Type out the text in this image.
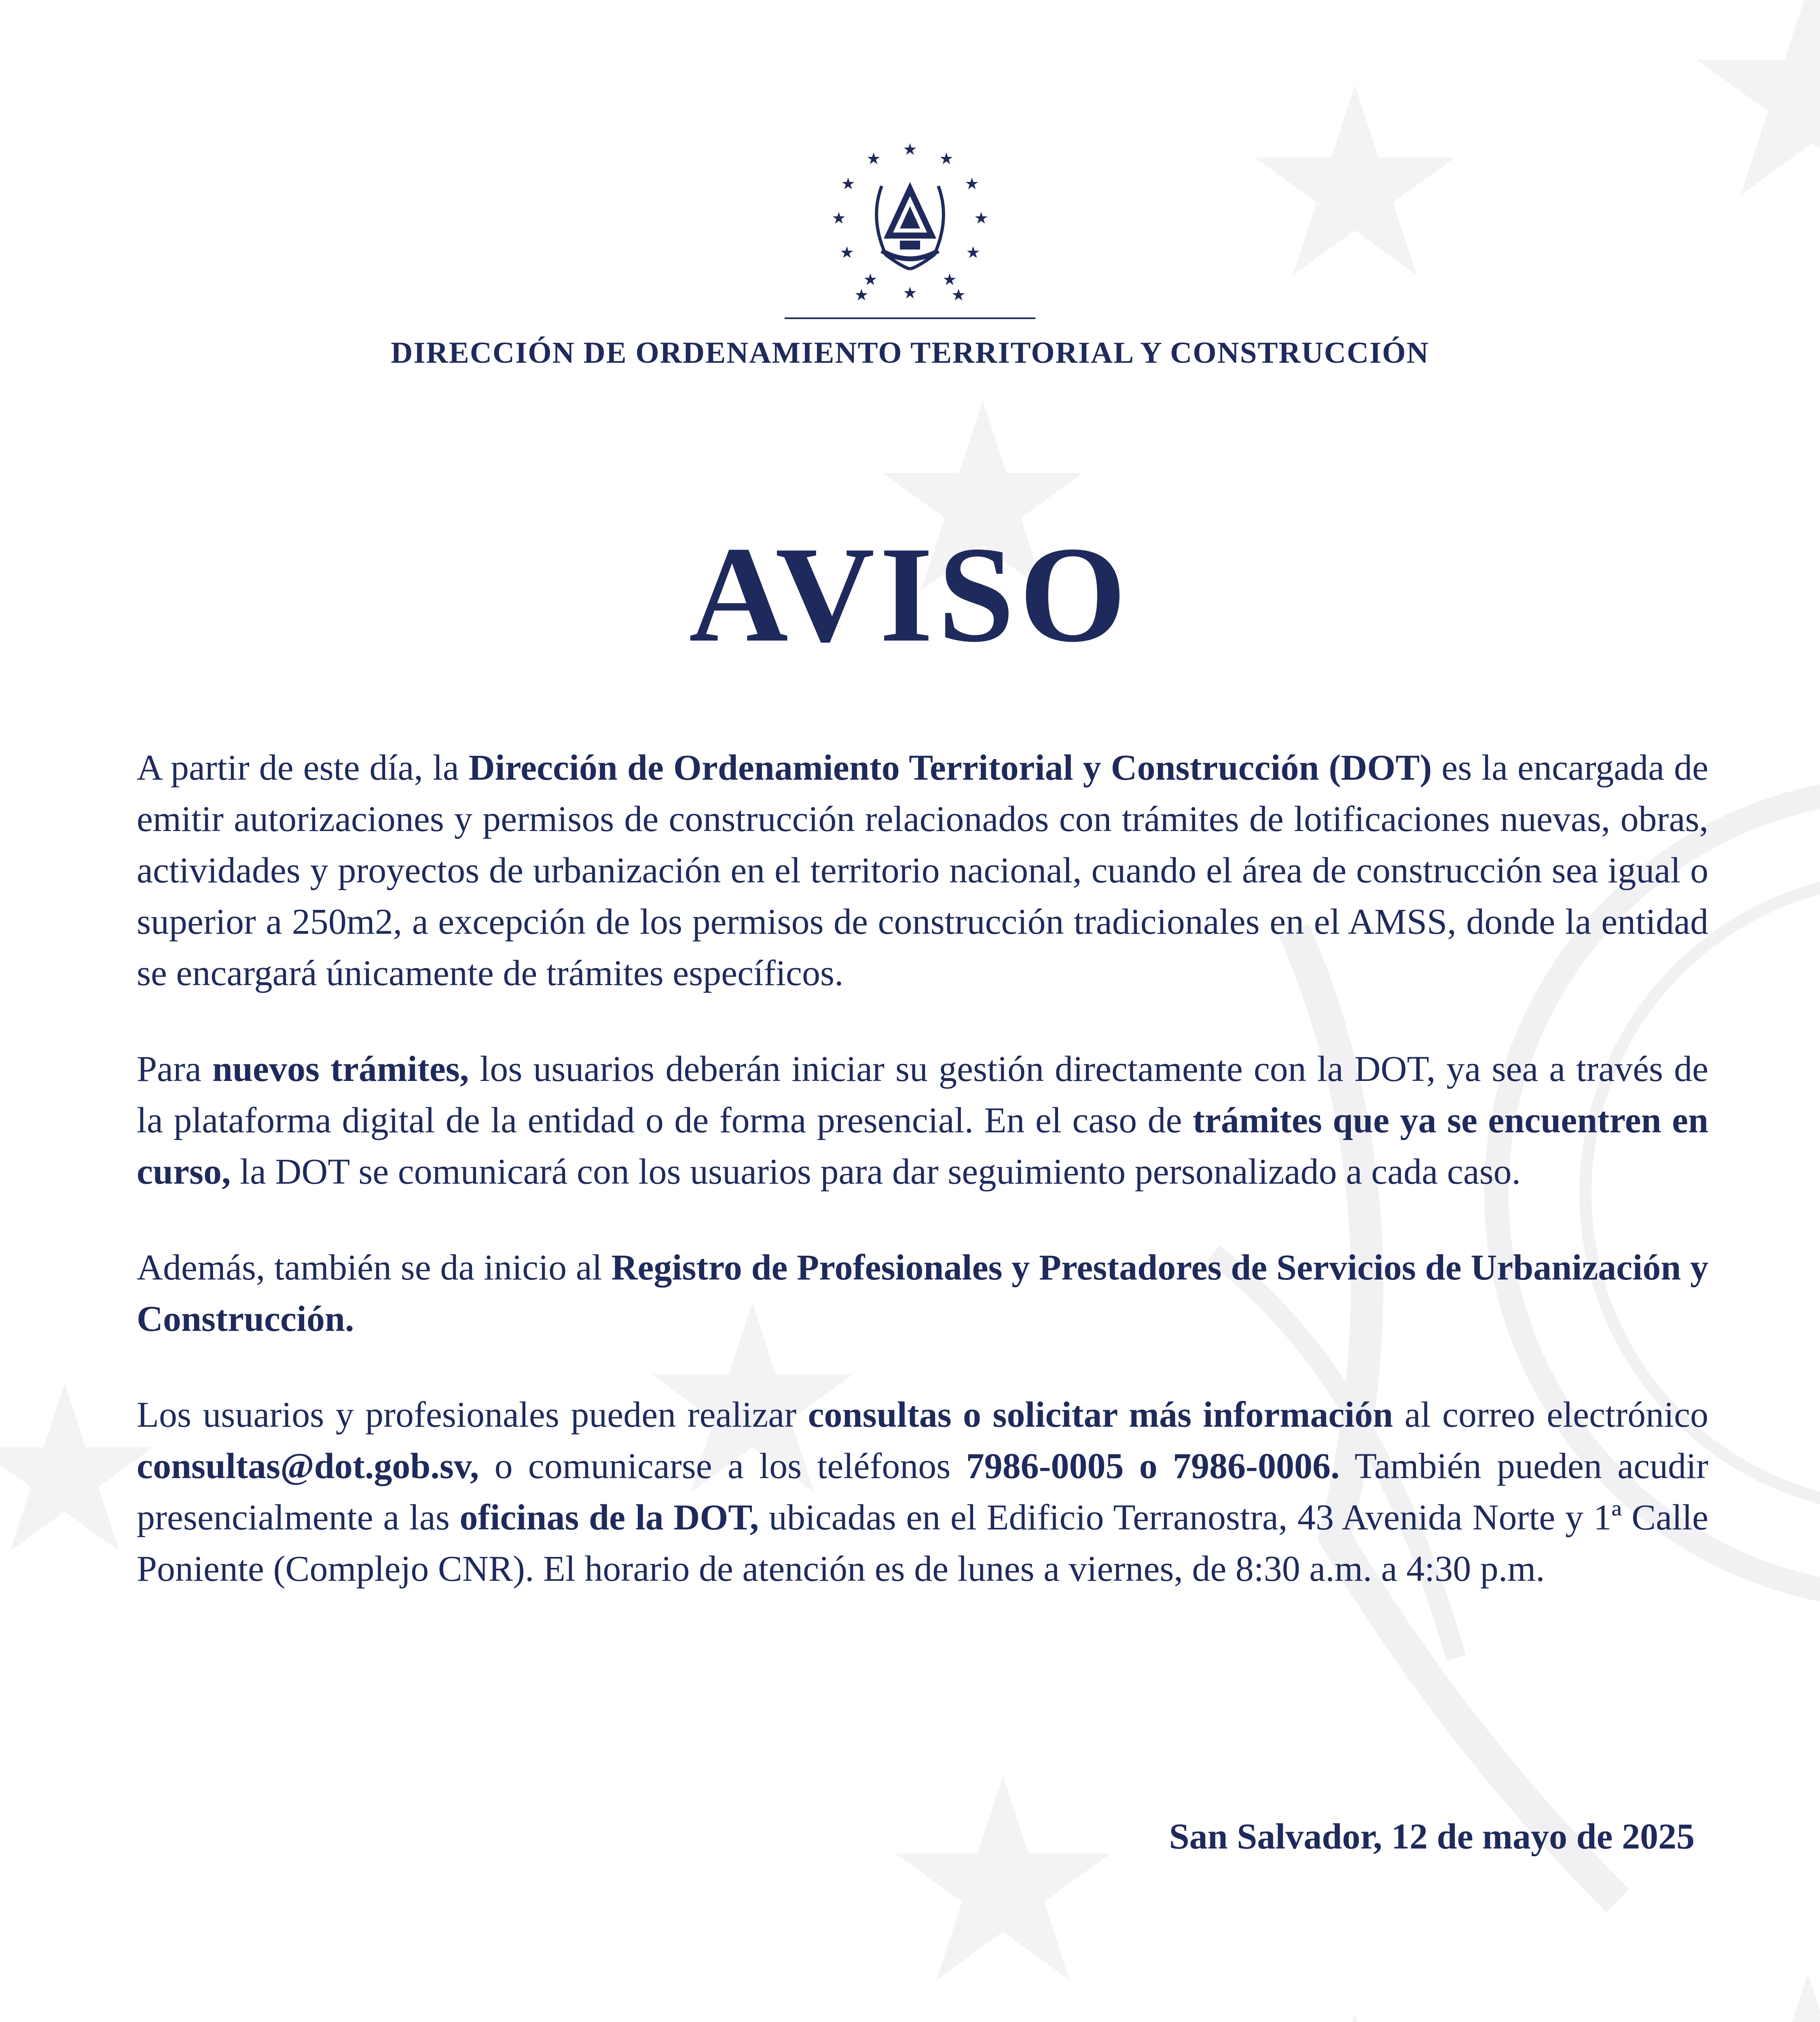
DIRECCIÓN DE ORDENAMIENTO TERRITORIAL Y CONSTRUCCIÓN
AVISO

A partir de este día, la Dirección de Ordenamiento Territorial y Construcción (DOT) es la encargada de emitir autorizaciones y permisos de construcción relacionados con trámites de lotificaciones nuevas, obras, actividades y proyectos de urbanización en el territorio nacional, cuando el área de construcción sea igual o superior a 250m2, a excepción de los permisos de construcción tradicionales en el AMSS, donde la entidad se encargará únicamente de trámites específicos.

Para nuevos trámites, los usuarios deberán iniciar su gestión directamente con la DOT, ya sea a través de la plataforma digital de la entidad o de forma presencial. En el caso de trámites que ya se encuentren en curso, la DOT se comunicará con los usuarios para dar seguimiento personalizado a cada caso.

Además, también se da inicio al Registro de Profesionales y Prestadores de Servicios de Urbanización y Construcción.

Los usuarios y profesionales pueden realizar consultas o solicitar más información al correo electrónico consultas@dot.gob.sv, o comunicarse a los teléfonos 7986-0005 o 7986-0006. También pueden acudir presencialmente a las oficinas de la DOT, ubicadas en el Edificio Terranostra, 43 Avenida Norte y 1ª Calle Poniente (Complejo CNR). El horario de atención es de lunes a viernes, de 8:30 a.m. a 4:30 p.m.

San Salvador, 12 de mayo de 2025
